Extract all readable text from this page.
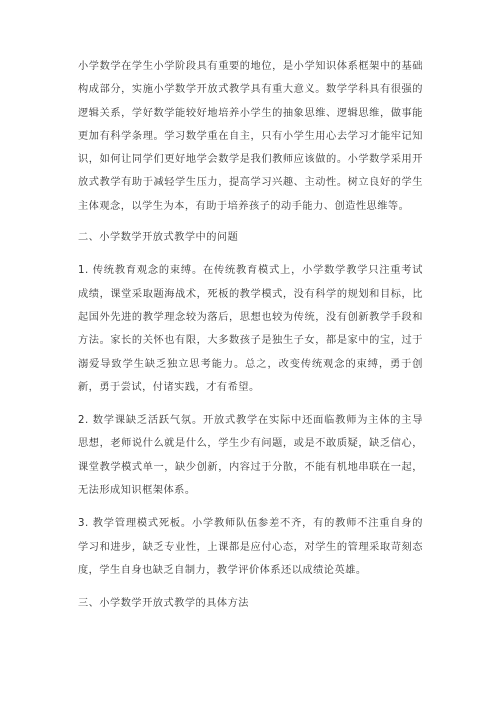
小学数学在学生小学阶段具有重要的地位，是小学知识体系框架中的基础构成部分，实施小学数学开放式教学具有重大意义。数学学科具有很强的逻辑关系，学好数学能较好地培养小学生的抽象思维、逻辑思维，做事能更加有科学条理。学习数学重在自主，只有小学生用心去学习才能牢记知识，如何让同学们更好地学会数学是我们教师应该做的。小学数学采用开放式教学有助于减轻学生压力，提高学习兴趣、主动性。树立良好的学生主体观念，以学生为本，有助于培养孩子的动手能力、创造性思维等。

二、小学数学开放式教学中的问题

1. 传统教育观念的束缚。在传统教育模式上，小学数学教学只注重考试成绩，课堂采取题海战术，死板的教学模式，没有科学的规划和目标，比起国外先进的教学理念较为落后，思想也较为传统，没有创新教学手段和方法。家长的关怀也有限，大多数孩子是独生子女，都是家中的宝，过于溺爱导致学生缺乏独立思考能力。总之，改变传统观念的束缚，勇于创新，勇于尝试，付诸实践，才有希望。

2. 数学课缺乏活跃气氛。开放式教学在实际中还面临教师为主体的主导思想，老师说什么就是什么，学生少有问题，或是不敢质疑，缺乏信心，课堂教学模式单一，缺少创新，内容过于分散，不能有机地串联在一起，无法形成知识框架体系。

3. 教学管理模式死板。小学教师队伍参差不齐，有的教师不注重自身的学习和进步，缺乏专业性，上课都是应付心态，对学生的管理采取苛刻态度，学生自身也缺乏自制力，教学评价体系还以成绩论英雄。

三、小学数学开放式教学的具体方法
